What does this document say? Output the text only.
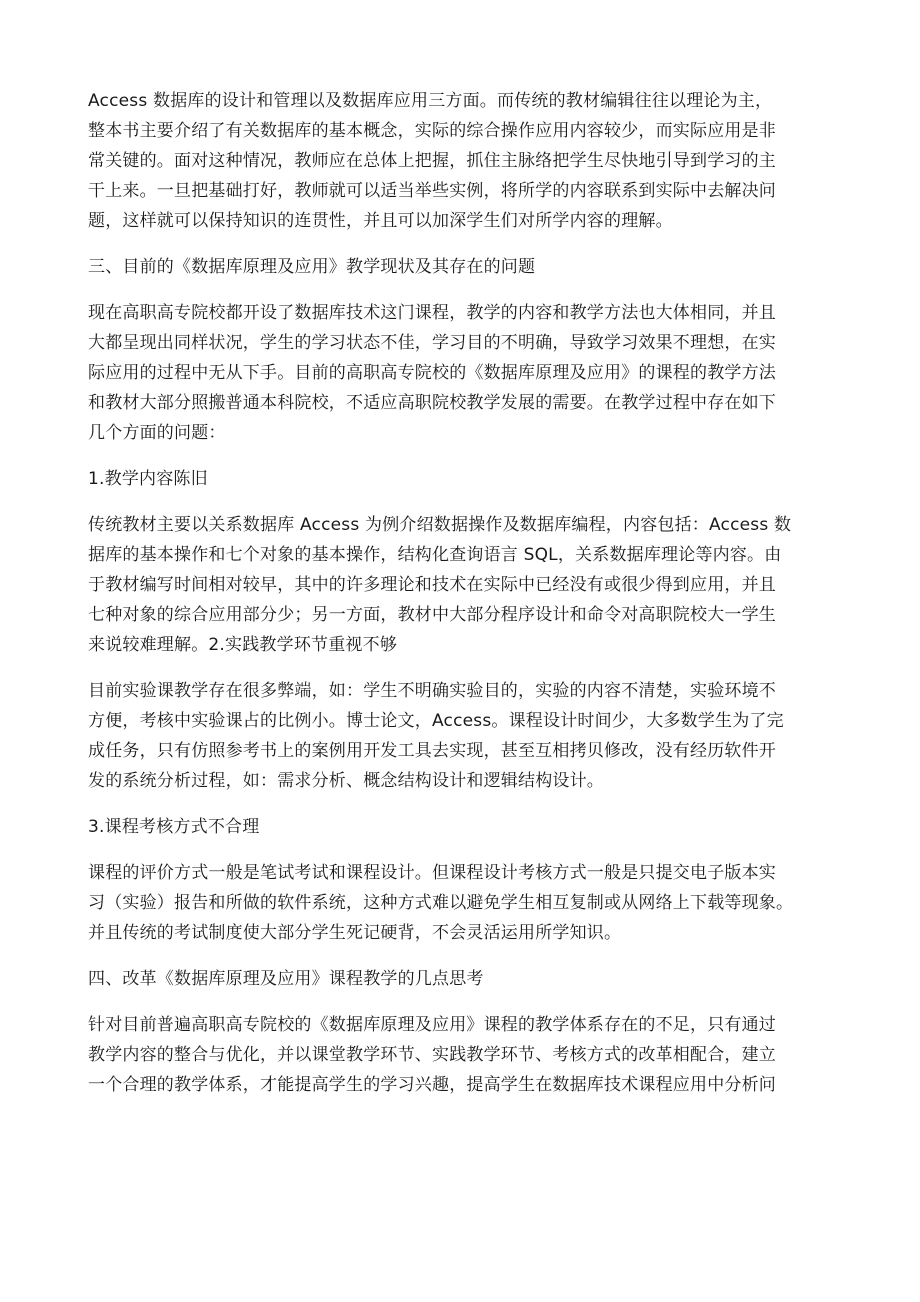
Access 数据库的设计和管理以及数据库应用三方面。而传统的教材编辑往往以理论为主，
整本书主要介绍了有关数据库的基本概念，实际的综合操作应用内容较少，而实际应用是非
常关键的。面对这种情况，教师应在总体上把握，抓住主脉络把学生尽快地引导到学习的主
干上来。一旦把基础打好，教师就可以适当举些实例，将所学的内容联系到实际中去解决问
题，这样就可以保持知识的连贯性，并且可以加深学生们对所学内容的理解。

三、目前的《数据库原理及应用》教学现状及其存在的问题

现在高职高专院校都开设了数据库技术这门课程，教学的内容和教学方法也大体相同，并且
大都呈现出同样状况，学生的学习状态不佳，学习目的不明确，导致学习效果不理想，在实
际应用的过程中无从下手。目前的高职高专院校的《数据库原理及应用》的课程的教学方法
和教材大部分照搬普通本科院校，不适应高职院校教学发展的需要。在教学过程中存在如下
几个方面的问题：

1.教学内容陈旧

传统教材主要以关系数据库 Access 为例介绍数据操作及数据库编程，内容包括：Access 数
据库的基本操作和七个对象的基本操作，结构化查询语言 SQL，关系数据库理论等内容。由
于教材编写时间相对较早，其中的许多理论和技术在实际中已经没有或很少得到应用，并且
七种对象的综合应用部分少；另一方面，教材中大部分程序设计和命令对高职院校大一学生
来说较难理解。2.实践教学环节重视不够

目前实验课教学存在很多弊端，如：学生不明确实验目的，实验的内容不清楚，实验环境不
方便，考核中实验课占的比例小。博士论文，Access。课程设计时间少，大多数学生为了完
成任务，只有仿照参考书上的案例用开发工具去实现，甚至互相拷贝修改，没有经历软件开
发的系统分析过程，如：需求分析、概念结构设计和逻辑结构设计。

3.课程考核方式不合理

课程的评价方式一般是笔试考试和课程设计。但课程设计考核方式一般是只提交电子版本实
习（实验）报告和所做的软件系统，这种方式难以避免学生相互复制或从网络上下载等现象。
并且传统的考试制度使大部分学生死记硬背，不会灵活运用所学知识。

四、改革《数据库原理及应用》课程教学的几点思考

针对目前普遍高职高专院校的《数据库原理及应用》课程的教学体系存在的不足，只有通过
教学内容的整合与优化，并以课堂教学环节、实践教学环节、考核方式的改革相配合，建立
一个合理的教学体系，才能提高学生的学习兴趣，提高学生在数据库技术课程应用中分析问
